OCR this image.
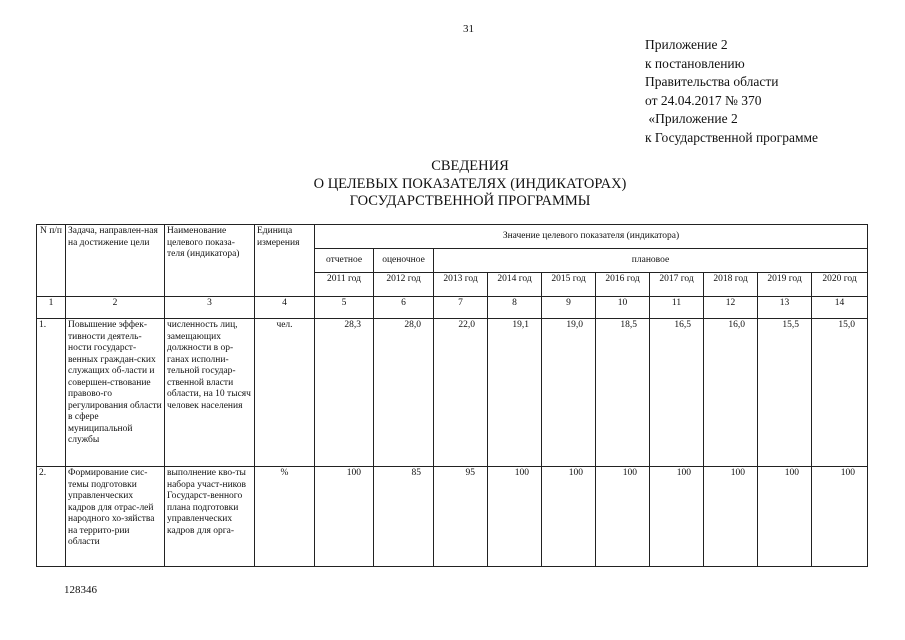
31
Приложение 2
к постановлению
Правительства области
от 24.04.2017 № 370
«Приложение 2
к Государственной программе
СВЕДЕНИЯ
О ЦЕЛЕВЫХ ПОКАЗАТЕЛЯХ (ИНДИКАТОРАХ)
ГОСУДАРСТВЕННОЙ ПРОГРАММЫ
N п/п	Задача, направлен-ная на достижение цели	Наименование целевого показа-теля (индикатора)	Единица измерения	Значение целевого показателя (индикатора)									
				отчетное	оценочное	плановое							
				2011 год	2012 год	2013 год	2014 год	2015 год	2016 год	2017 год	2018 год	2019 год	2020 год
1	2	3	4	5	6	7	8	9	10	11	12	13	14
1.	Повышение эффек-тивности деятель-ности государст-венных граждан-ских служащих об-ласти и совершен-ствование правово-го регулирования области в сфере муниципальной службы	численность лиц, замещающих должности в ор-ганах исполни-тельной государ-ственной власти области, на 10 тысяч человек населения	чел.	28,3	28,0	22,0	19,1	19,0	18,5	16,5	16,0	15,5	15,0
2.	Формирование сис-темы подготовки управленческих кадров для отрас-лей народного хо-зяйства на террито-рии области	выполнение кво-ты набора участ-ников Государст-венного плана подготовки управленческих кадров для орга-	%	100	85	95	100	100	100	100	100	100	100
128346
